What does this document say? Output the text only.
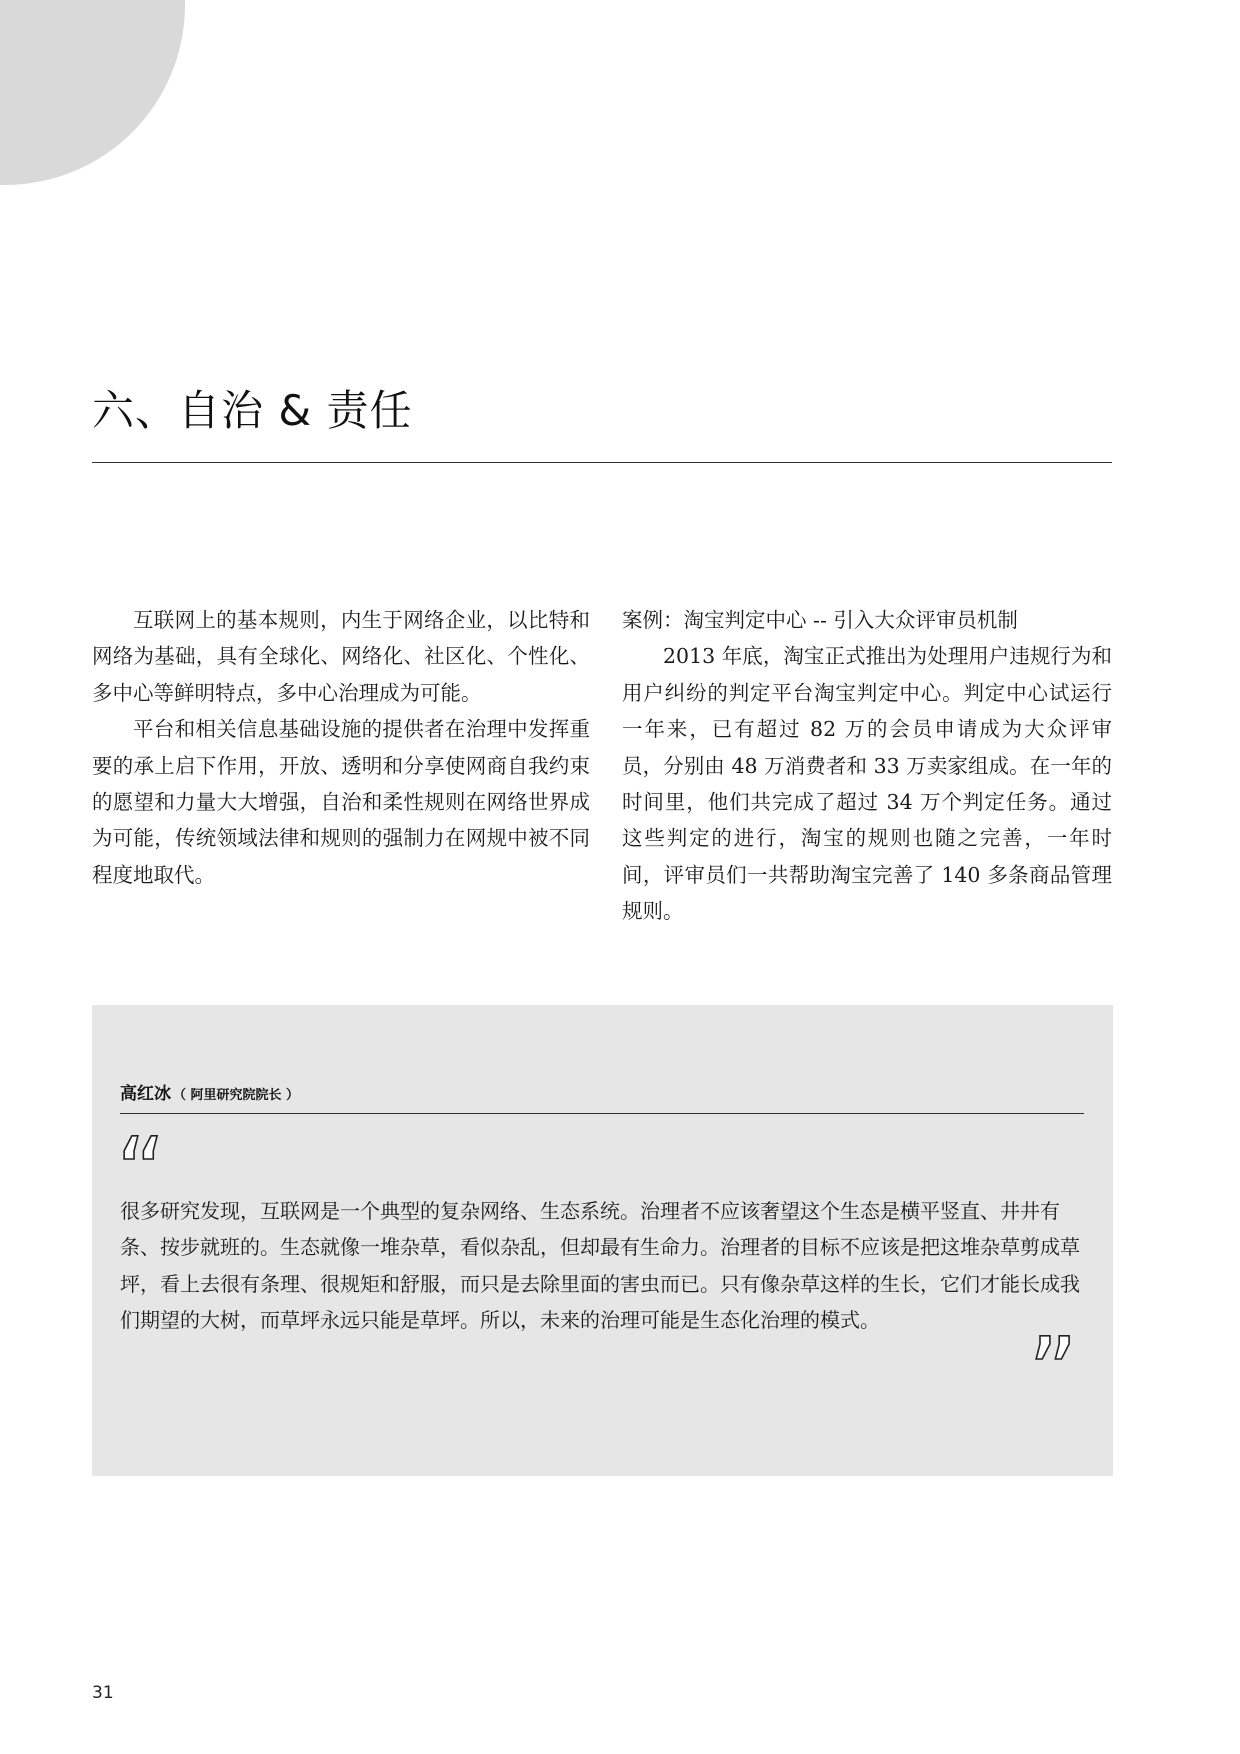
六、自治 & 责任

互联网上的基本规则，内生于网络企业，以比特和网络为基础，具有全球化、网络化、社区化、个性化、多中心等鲜明特点，多中心治理成为可能。

平台和相关信息基础设施的提供者在治理中发挥重要的承上启下作用，开放、透明和分享使网商自我约束的愿望和力量大大增强，自治和柔性规则在网络世界成为可能，传统领域法律和规则的强制力在网规中被不同程度地取代。

案例：淘宝判定中心 -- 引入大众评审员机制

2013 年底，淘宝正式推出为处理用户违规行为和用户纠纷的判定平台淘宝判定中心。判定中心试运行一年来，已有超过 82 万的会员申请成为大众评审员，分别由 48 万消费者和 33 万卖家组成。在一年的时间里，他们共完成了超过 34 万个判定任务。通过这些判定的进行，淘宝的规则也随之完善，一年时间，评审员们一共帮助淘宝完善了 140 多条商品管理规则。

高红冰 （ 阿里研究院院长 ）
“

很多研究发现，互联网是一个典型的复杂网络、生态系统。治理者不应该奢望这个生态是横平竖直、井井有条、按步就班的。生态就像一堆杂草，看似杂乱，但却最有生命力。治理者的目标不应该是把这堆杂草剪成草坪，看上去很有条理、很规矩和舒服，而只是去除里面的害虫而已。只有像杂草这样的生长，它们才能长成我们期望的大树，而草坪永远只能是草坪。所以，未来的治理可能是生态化治理的模式。	”
31
